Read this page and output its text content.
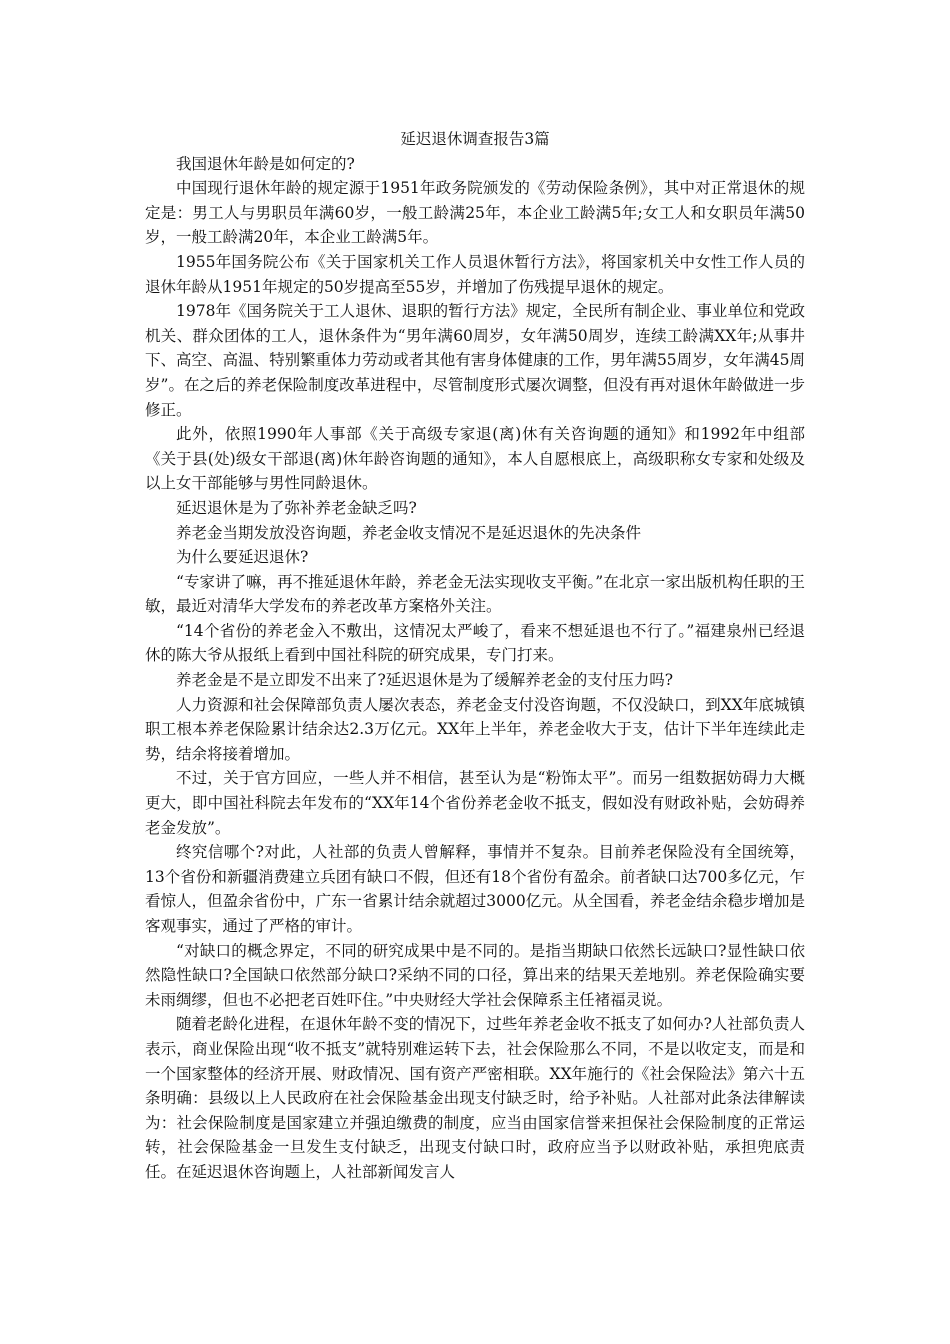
延迟退休调查报告3篇

我国退休年龄是如何定的?

中国现行退休年龄的规定源于1951年政务院颁发的《劳动保险条例》，其中对正常退休的规定是：男工人与男职员年满60岁，一般工龄满25年，本企业工龄满5年;女工人和女职员年满50岁，一般工龄满20年，本企业工龄满5年。

1955年国务院公布《关于国家机关工作人员退休暂行方法》，将国家机关中女性工作人员的退休年龄从1951年规定的50岁提高至55岁，并增加了伤残提早退休的规定。

1978年《国务院关于工人退休、退职的暂行方法》规定，全民所有制企业、事业单位和党政机关、群众团体的工人，退休条件为“男年满60周岁，女年满50周岁，连续工龄满XX年;从事井下、高空、高温、特别繁重体力劳动或者其他有害身体健康的工作，男年满55周岁，女年满45周岁”。在之后的养老保险制度改革进程中，尽管制度形式屡次调整，但没有再对退休年龄做进一步修正。

此外，依照1990年人事部《关于高级专家退(离)休有关咨询题的通知》和1992年中组部《关于县(处)级女干部退(离)休年龄咨询题的通知》，本人自愿根底上，高级职称女专家和处级及以上女干部能够与男性同龄退休。

延迟退休是为了弥补养老金缺乏吗?

养老金当期发放没咨询题，养老金收支情况不是延迟退休的先决条件

为什么要延迟退休?

“专家讲了嘛，再不推延退休年龄，养老金无法实现收支平衡。”在北京一家出版机构任职的王敏，最近对清华大学发布的养老改革方案格外关注。

“14个省份的养老金入不敷出，这情况太严峻了，看来不想延退也不行了。”福建泉州已经退休的陈大爷从报纸上看到中国社科院的研究成果，专门打来。

养老金是不是立即发不出来了?延迟退休是为了缓解养老金的支付压力吗?

人力资源和社会保障部负责人屡次表态，养老金支付没咨询题，不仅没缺口，到XX年底城镇职工根本养老保险累计结余达2.3万亿元。XX年上半年，养老金收大于支，估计下半年连续此走势，结余将接着增加。

不过，关于官方回应，一些人并不相信，甚至认为是“粉饰太平”。而另一组数据妨碍力大概更大，即中国社科院去年发布的“XX年14个省份养老金收不抵支，假如没有财政补贴，会妨碍养老金发放”。

终究信哪个?对此，人社部的负责人曾解释，事情并不复杂。目前养老保险没有全国统筹，13个省份和新疆消费建立兵团有缺口不假，但还有18个省份有盈余。前者缺口达700多亿元，乍看惊人，但盈余省份中，广东一省累计结余就超过3000亿元。从全国看，养老金结余稳步增加是客观事实，通过了严格的审计。

“对缺口的概念界定，不同的研究成果中是不同的。是指当期缺口依然长远缺口?显性缺口依然隐性缺口?全国缺口依然部分缺口?采纳不同的口径，算出来的结果天差地别。养老保险确实要未雨绸缪，但也不必把老百姓吓住。”中央财经大学社会保障系主任褚福灵说。

随着老龄化进程，在退休年龄不变的情况下，过些年养老金收不抵支了如何办?人社部负责人表示，商业保险出现“收不抵支”就特别难运转下去，社会保险那么不同，不是以收定支，而是和一个国家整体的经济开展、财政情况、国有资产严密相联。XX年施行的《社会保险法》第六十五条明确：县级以上人民政府在社会保险基金出现支付缺乏时，给予补贴。人社部对此条法律解读为：社会保险制度是国家建立并强迫缴费的制度，应当由国家信誉来担保社会保险制度的正常运转，社会保险基金一旦发生支付缺乏，出现支付缺口时，政府应当予以财政补贴，承担兜底责任。在延迟退休咨询题上，人社部新闻发言人
